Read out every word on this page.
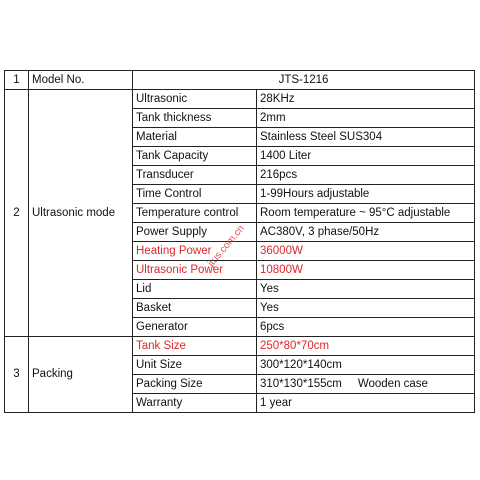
1	Model No.	JTS-1216	
2	Ultrasonic mode	Ultrasonic	28KHz
		Tank thickness	2mm
		Material	Stainless Steel SUS304
		Tank Capacity	1400 Liter
		Transducer	216pcs
		Time Control	1-99Hours adjustable
		Temperature control	Room temperature ~ 95°C adjustable
		Power Supply	AC380V, 3 phase/50Hz
		Heating Power	36000W
		Ultrasonic Power	10800W
		Lid	Yes
		Basket	Yes
		Generator	6pcs
3	Packing	Tank Size	250*80*70cm
		Unit Size	300*120*140cm
		Packing Size	310*130*155cm Wooden case
		Warranty	1 year
jtus.com.cn
